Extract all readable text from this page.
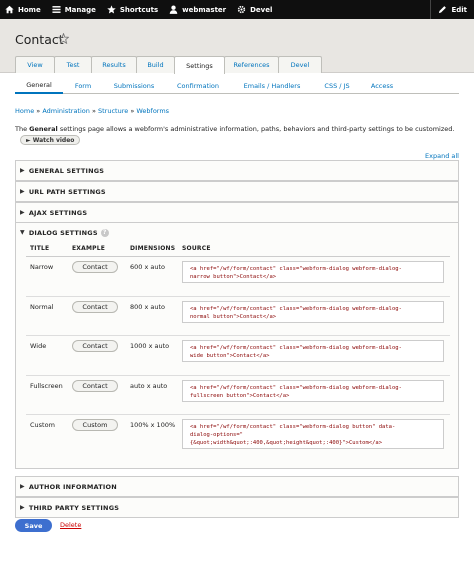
Home	Manage	Shortcuts	webmaster	Devel	Edit
Contact
View	Test	Results	Build	Settings	References	Devel
General	Form	Submissions	Confirmation	Emails / Handlers	CSS / JS	Access
Home » Administration » Structure » Webforms
The General settings page allows a webform's administrative information, paths, behaviors and third-party settings to be customized.
► Watch video
Expand all
▶ GENERAL SETTINGS
▶ URL PATH SETTINGS
▶ AJAX SETTINGS
▼ DIALOG SETTINGS ?
TITLE	EXAMPLE	DIMENSIONS SOURCE
Narrow	Contact	600 x auto	<a href="/wf/form/contact" class="webform-dialog webform-dialog-
narrow button">Contact</a>
Normal	Contact	800 x auto	<a href="/wf/form/contact" class="webform-dialog webform-dialog-
normal button">Contact</a>
Wide	Contact	1000 x auto	<a href="/wf/form/contact" class="webform-dialog webform-dialog-
wide button">Contact</a>
Fullscreen	Contact	auto x auto	<a href="/wf/form/contact" class="webform-dialog webform-dialog-
fullscreen button">Contact</a>
Custom	Custom	100% x 100%	<a href="/wf/form/contact" class="webform-dialog button" data-
dialog-options="
{&quot;width&quot;:400,&quot;height&quot;:400}">Custom</a>
▶ AUTHOR INFORMATION
▶ THIRD PARTY SETTINGS
Save	Delete
